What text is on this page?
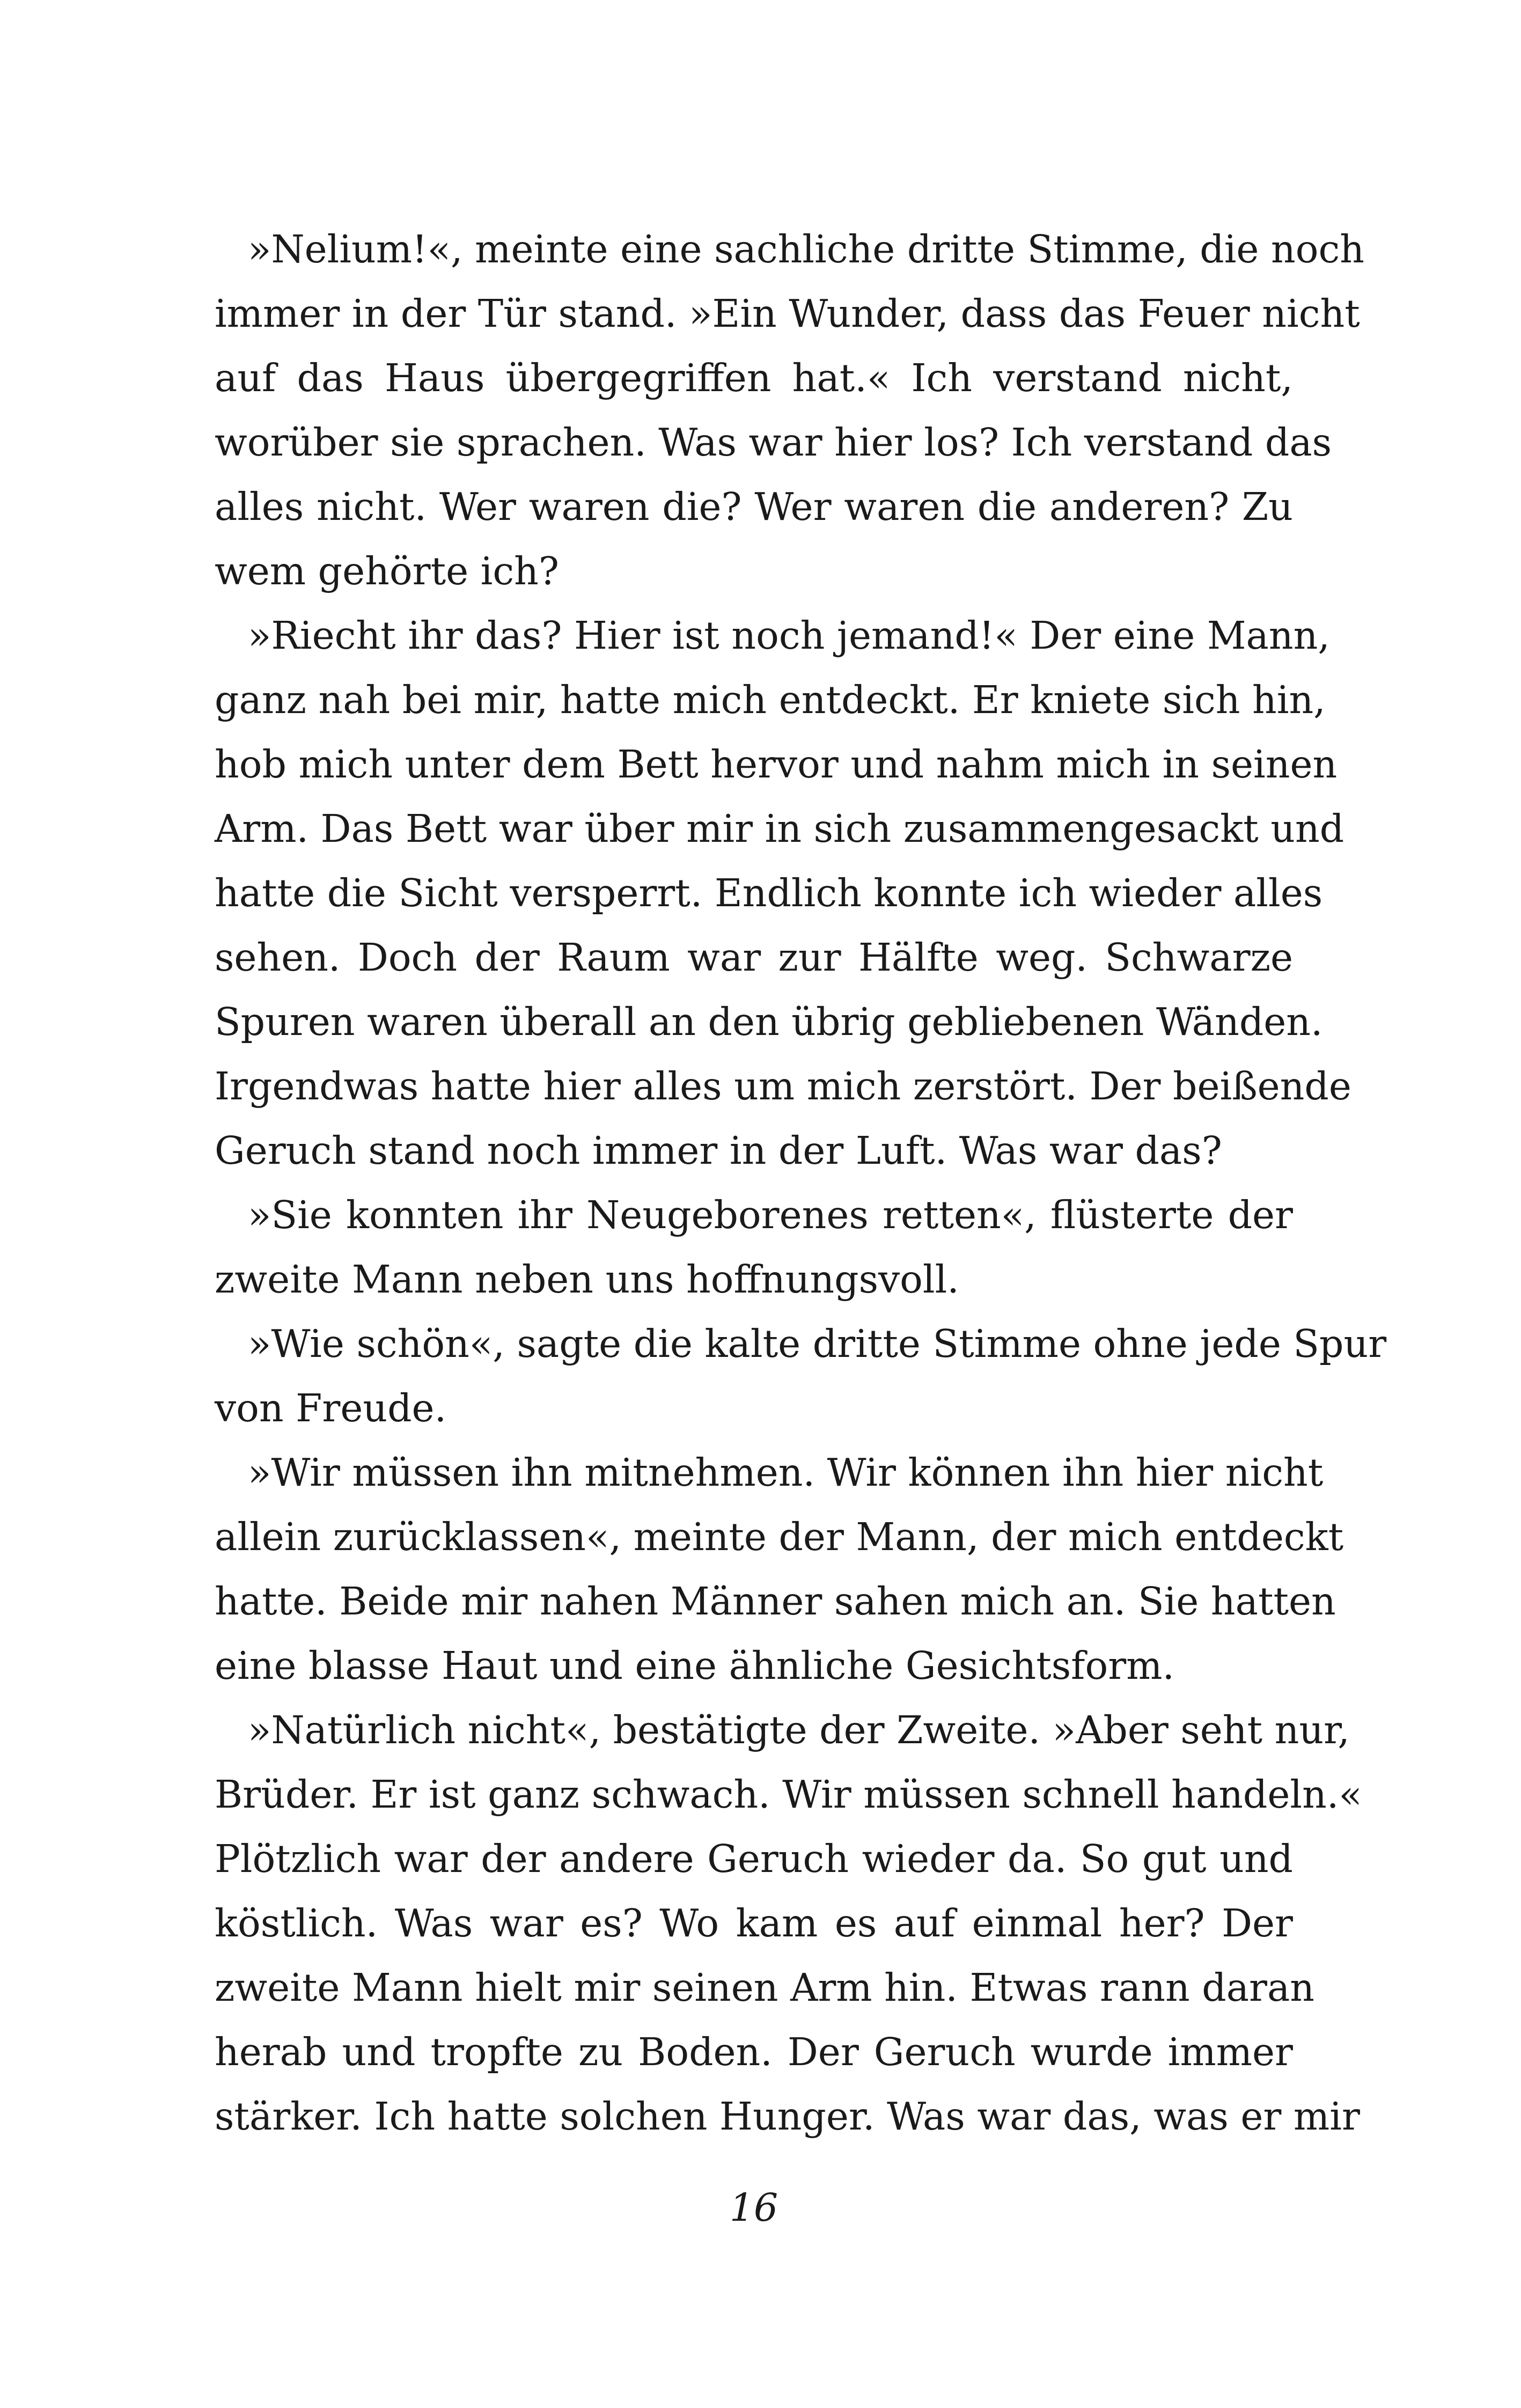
»Nelium!«, meinte eine sachliche dritte Stimme, die noch
immer in der Tür stand. »Ein Wunder, dass das Feuer nicht
auf das Haus übergegriffen hat.« Ich verstand nicht,
worüber sie sprachen. Was war hier los? Ich verstand das
alles nicht. Wer waren die? Wer waren die anderen? Zu
wem gehörte ich?
»Riecht ihr das? Hier ist noch jemand!« Der eine Mann,
ganz nah bei mir, hatte mich entdeckt. Er kniete sich hin,
hob mich unter dem Bett hervor und nahm mich in seinen
Arm. Das Bett war über mir in sich zusammengesackt und
hatte die Sicht versperrt. Endlich konnte ich wieder alles
sehen. Doch der Raum war zur Hälfte weg. Schwarze
Spuren waren überall an den übrig gebliebenen Wänden.
Irgendwas hatte hier alles um mich zerstört. Der beißende
Geruch stand noch immer in der Luft. Was war das?
»Sie konnten ihr Neugeborenes retten«, flüsterte der
zweite Mann neben uns hoffnungsvoll.
»Wie schön«, sagte die kalte dritte Stimme ohne jede Spur
von Freude.
»Wir müssen ihn mitnehmen. Wir können ihn hier nicht
allein zurücklassen«, meinte der Mann, der mich entdeckt
hatte. Beide mir nahen Männer sahen mich an. Sie hatten
eine blasse Haut und eine ähnliche Gesichtsform.
»Natürlich nicht«, bestätigte der Zweite. »Aber seht nur,
Brüder. Er ist ganz schwach. Wir müssen schnell handeln.«
Plötzlich war der andere Geruch wieder da. So gut und
köstlich. Was war es? Wo kam es auf einmal her? Der
zweite Mann hielt mir seinen Arm hin. Etwas rann daran
herab und tropfte zu Boden. Der Geruch wurde immer
stärker. Ich hatte solchen Hunger. Was war das, was er mir
16
